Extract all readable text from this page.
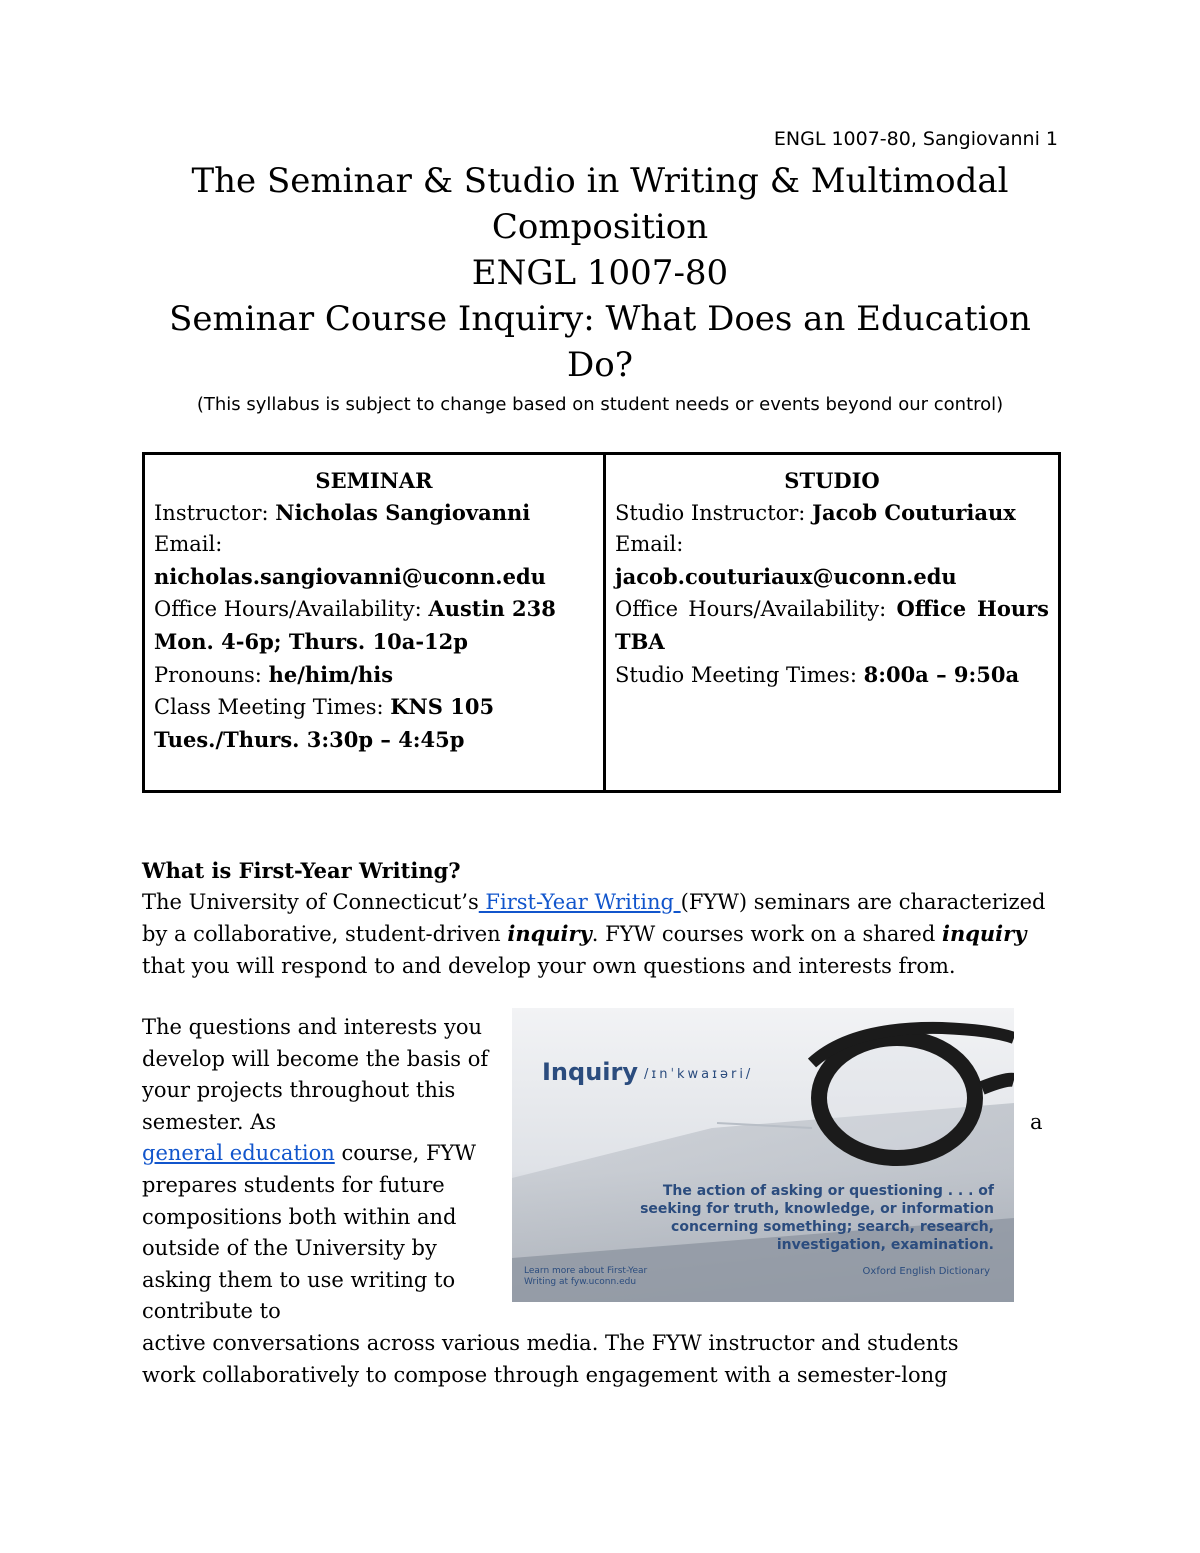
ENGL 1007-80, Sangiovanni 1
The Seminar & Studio in Writing & Multimodal
Composition
ENGL 1007-80
Seminar Course Inquiry: What Does an Education
Do?
(This syllabus is subject to change based on student needs or events beyond our control)
SEMINAR
Instructor: Nicholas Sangiovanni
Email:
nicholas.sangiovanni@uconn.edu
Office Hours/Availability: Austin 238
Mon. 4-6p; Thurs. 10a-12p
Pronouns: he/him/his
Class Meeting Times: KNS 105
Tues./Thurs. 3:30p – 4:45p

STUDIO
Studio Instructor: Jacob Couturiaux
Email:
jacob.couturiaux@uconn.edu
Office Hours/Availability: Office Hours TBA
Studio Meeting Times: 8:00a – 9:50a
What is First-Year Writing?
The University of Connecticut’s First-Year Writing (FYW) seminars are characterized by a collaborative, student-driven inquiry. FYW courses work on a shared inquiry that you will respond to and develop your own questions and interests from.
The questions and interests you develop will become the basis of your projects throughout this semester. As
general education course, FYW prepares students for future compositions both within and outside of the University by asking them to use writing to contribute to
a
active conversations across various media. The FYW instructor and students
work collaboratively to compose through engagement with a semester-long
Inquiry /ɪnˈkwaɪəri/
The action of asking or questioning . . . of
seeking for truth, knowledge, or information
concerning something; search, research,
investigation, examination.
Oxford English Dictionary
Learn more about First-Year
Writing at fyw.uconn.edu
